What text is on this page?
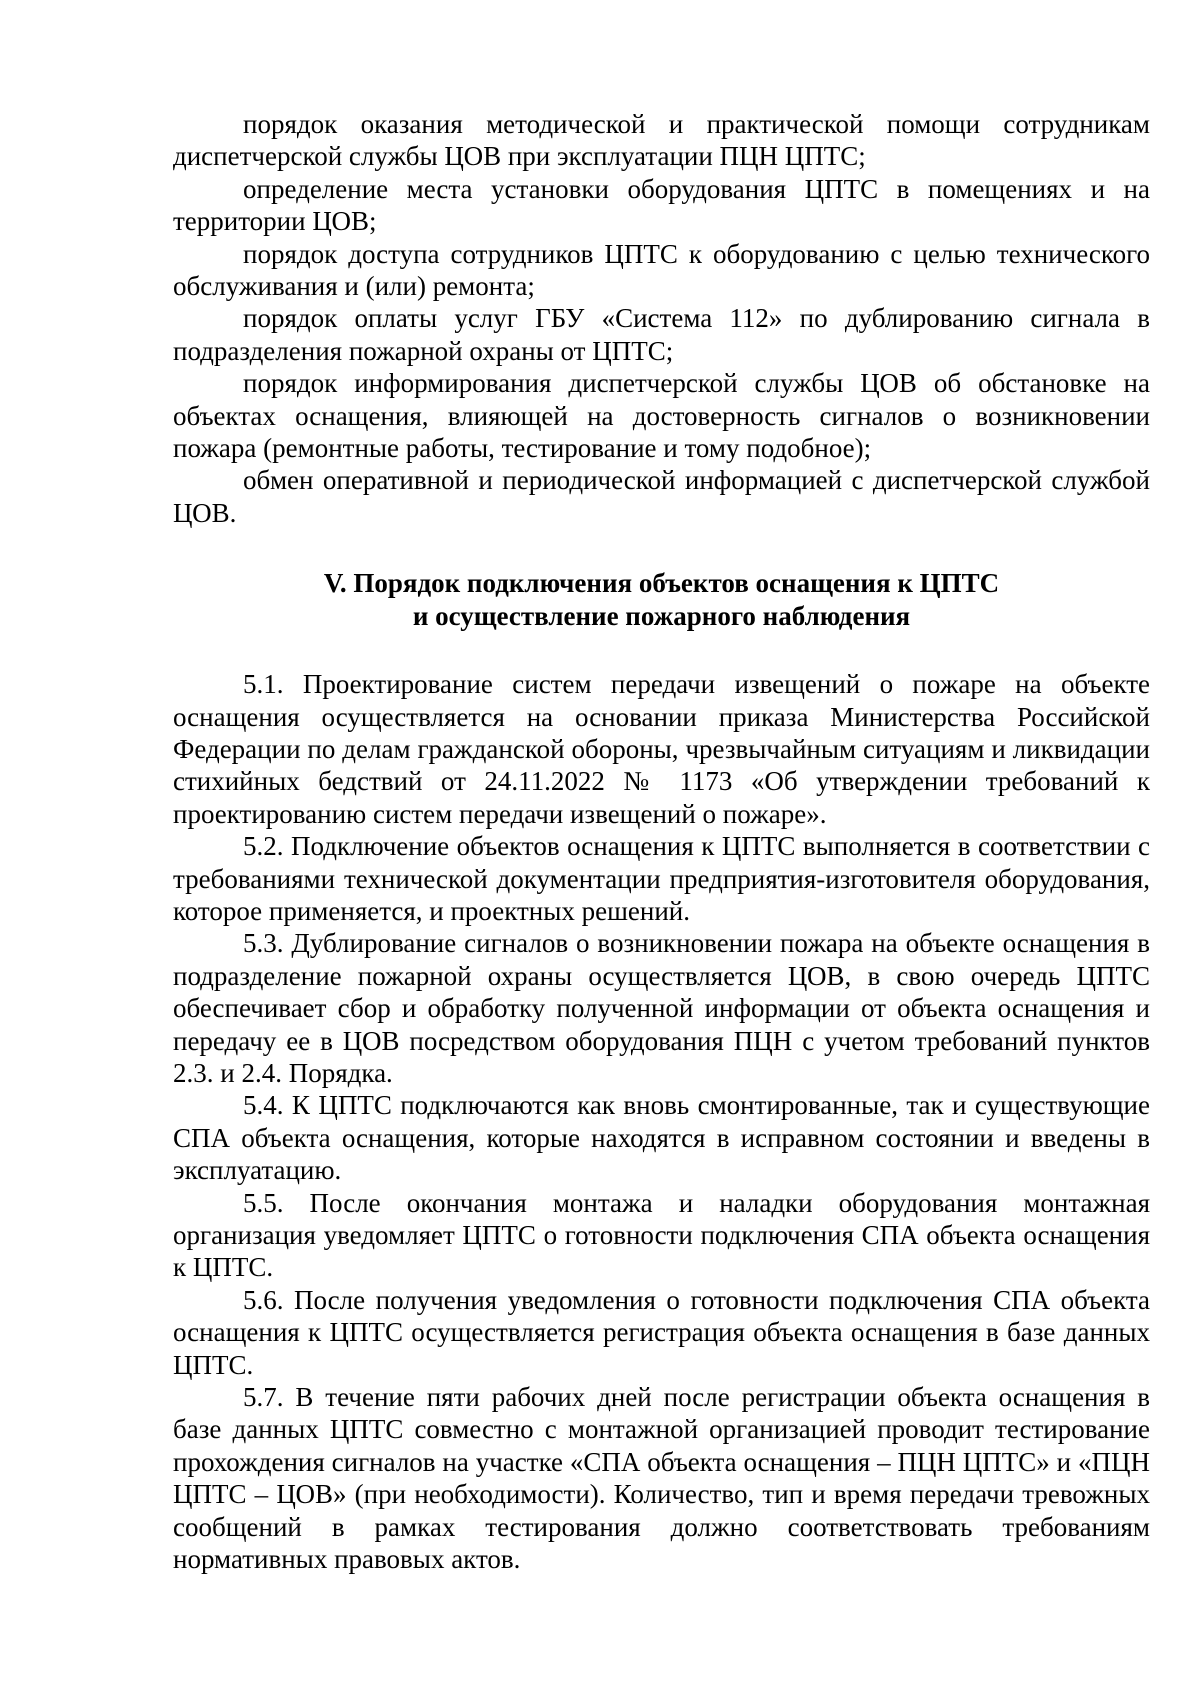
порядок оказания методической и практической помощи сотрудникам диспетчерской службы ЦОВ при эксплуатации ПЦН ЦПТС;

определение места установки оборудования ЦПТС в помещениях и на территории ЦОВ;

порядок доступа сотрудников ЦПТС к оборудованию с целью технического обслуживания и (или) ремонта;

порядок оплаты услуг ГБУ «Система 112» по дублированию сигнала в подразделения пожарной охраны от ЦПТС;

порядок информирования диспетчерской службы ЦОВ об обстановке на объектах оснащения, влияющей на достоверность сигналов о возникновении пожара (ремонтные работы, тестирование и тому подобное);

обмен оперативной и периодической информацией с диспетчерской службой ЦОВ.

V. Порядок подключения объектов оснащения к ЦПТС
и осуществление пожарного наблюдения

5.1. Проектирование систем передачи извещений о пожаре на объекте оснащения осуществляется на основании приказа Министерства Российской Федерации по делам гражданской обороны, чрезвычайным ситуациям и ликвидации стихийных бедствий от 24.11.2022 № 1173 «Об утверждении требований к проектированию систем передачи извещений о пожаре».

5.2. Подключение объектов оснащения к ЦПТС выполняется в соответствии с требованиями технической документации предприятия-изготовителя оборудования, которое применяется, и проектных решений.

5.3. Дублирование сигналов о возникновении пожара на объекте оснащения в подразделение пожарной охраны осуществляется ЦОВ, в свою очередь ЦПТС обеспечивает сбор и обработку полученной информации от объекта оснащения и передачу ее в ЦОВ посредством оборудования ПЦН с учетом требований пунктов 2.3. и 2.4. Порядка.

5.4. К ЦПТС подключаются как вновь смонтированные, так и существующие СПА объекта оснащения, которые находятся в исправном состоянии и введены в эксплуатацию.

5.5. После окончания монтажа и наладки оборудования монтажная организация уведомляет ЦПТС о готовности подключения СПА объекта оснащения к ЦПТС.

5.6. После получения уведомления о готовности подключения СПА объекта оснащения к ЦПТС осуществляется регистрация объекта оснащения в базе данных ЦПТС.

5.7. В течение пяти рабочих дней после регистрации объекта оснащения в базе данных ЦПТС совместно с монтажной организацией проводит тестирование прохождения сигналов на участке «СПА объекта оснащения – ПЦН ЦПТС» и «ПЦН ЦПТС – ЦОВ» (при необходимости). Количество, тип и время передачи тревожных сообщений в рамках тестирования должно соответствовать требованиям нормативных правовых актов.
